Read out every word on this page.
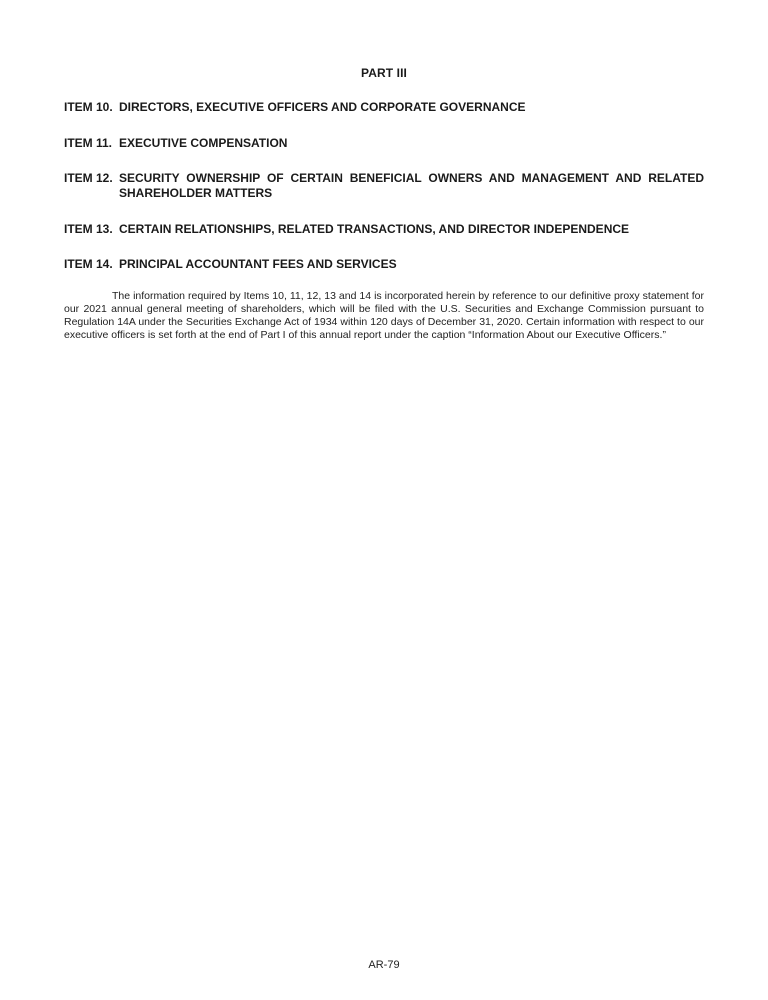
PART III
ITEM 10. DIRECTORS, EXECUTIVE OFFICERS AND CORPORATE GOVERNANCE
ITEM 11. EXECUTIVE COMPENSATION
ITEM 12. SECURITY OWNERSHIP OF CERTAIN BENEFICIAL OWNERS AND MANAGEMENT AND RELATED SHAREHOLDER MATTERS
ITEM 13. CERTAIN RELATIONSHIPS, RELATED TRANSACTIONS, AND DIRECTOR INDEPENDENCE
ITEM 14. PRINCIPAL ACCOUNTANT FEES AND SERVICES

The information required by Items 10, 11, 12, 13 and 14 is incorporated herein by reference to our definitive proxy statement for our 2021 annual general meeting of shareholders, which will be filed with the U.S. Securities and Exchange Commission pursuant to Regulation 14A under the Securities Exchange Act of 1934 within 120 days of December 31, 2020. Certain information with respect to our executive officers is set forth at the end of Part I of this annual report under the caption “Information About our Executive Officers.”

AR-79
